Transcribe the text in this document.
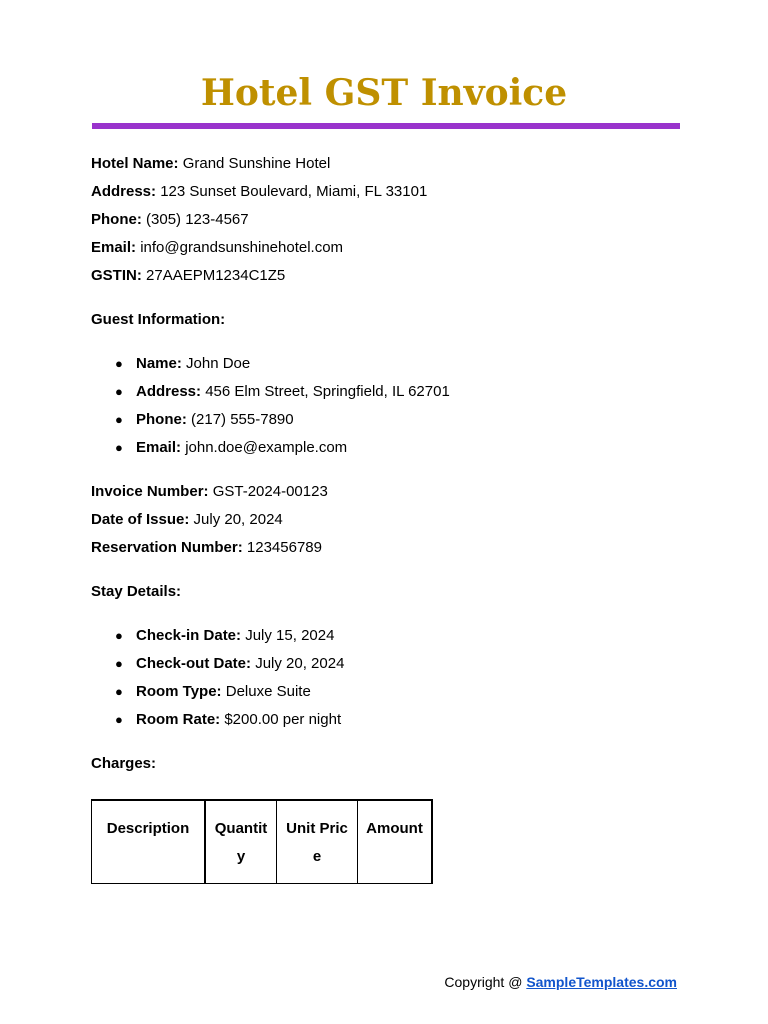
Hotel GST Invoice
Hotel Name: Grand Sunshine Hotel
Address: 123 Sunset Boulevard, Miami, FL 33101
Phone: (305) 123-4567
Email: info@grandsunshinehotel.com
GSTIN: 27AAEPM1234C1Z5
Guest Information:
● Name: John Doe
● Address: 456 Elm Street, Springfield, IL 62701
● Phone: (217) 555-7890
● Email: john.doe@example.com
Invoice Number: GST-2024-00123
Date of Issue: July 20, 2024
Reservation Number: 123456789
Stay Details:
● Check-in Date: July 15, 2024
● Check-out Date: July 20, 2024
● Room Type: Deluxe Suite
● Room Rate: $200.00 per night
Charges:
Description	Quantity	Unit Price	Amount
Copyright @ SampleTemplates.com
